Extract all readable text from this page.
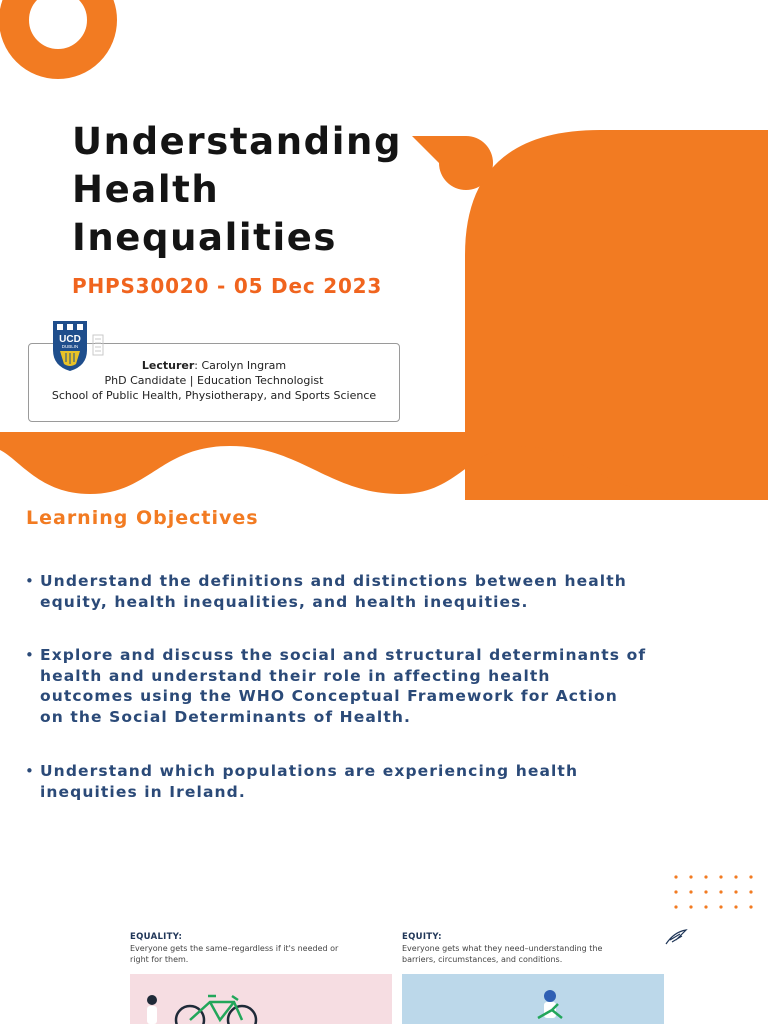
Understanding
Health
Inequalities
PHPS30020 - 05 Dec 2023
Lecturer: Carolyn Ingram
PhD Candidate | Education Technologist
School of Public Health, Physiotherapy, and Sports Science
UCD
DUBLIN
Learning Objectives
• Understand the definitions and distinctions between health
equity, health inequalities, and health inequities.
• Explore and discuss the social and structural determinants of
health and understand their role in affecting health
outcomes using the WHO Conceptual Framework for Action
on the Social Determinants of Health.
• Understand which populations are experiencing health
inequities in Ireland.
EQUALITY:
Everyone gets the same–regardless if it's needed or
right for them.
EQUITY:
Everyone gets what they need–understanding the
barriers, circumstances, and conditions.
